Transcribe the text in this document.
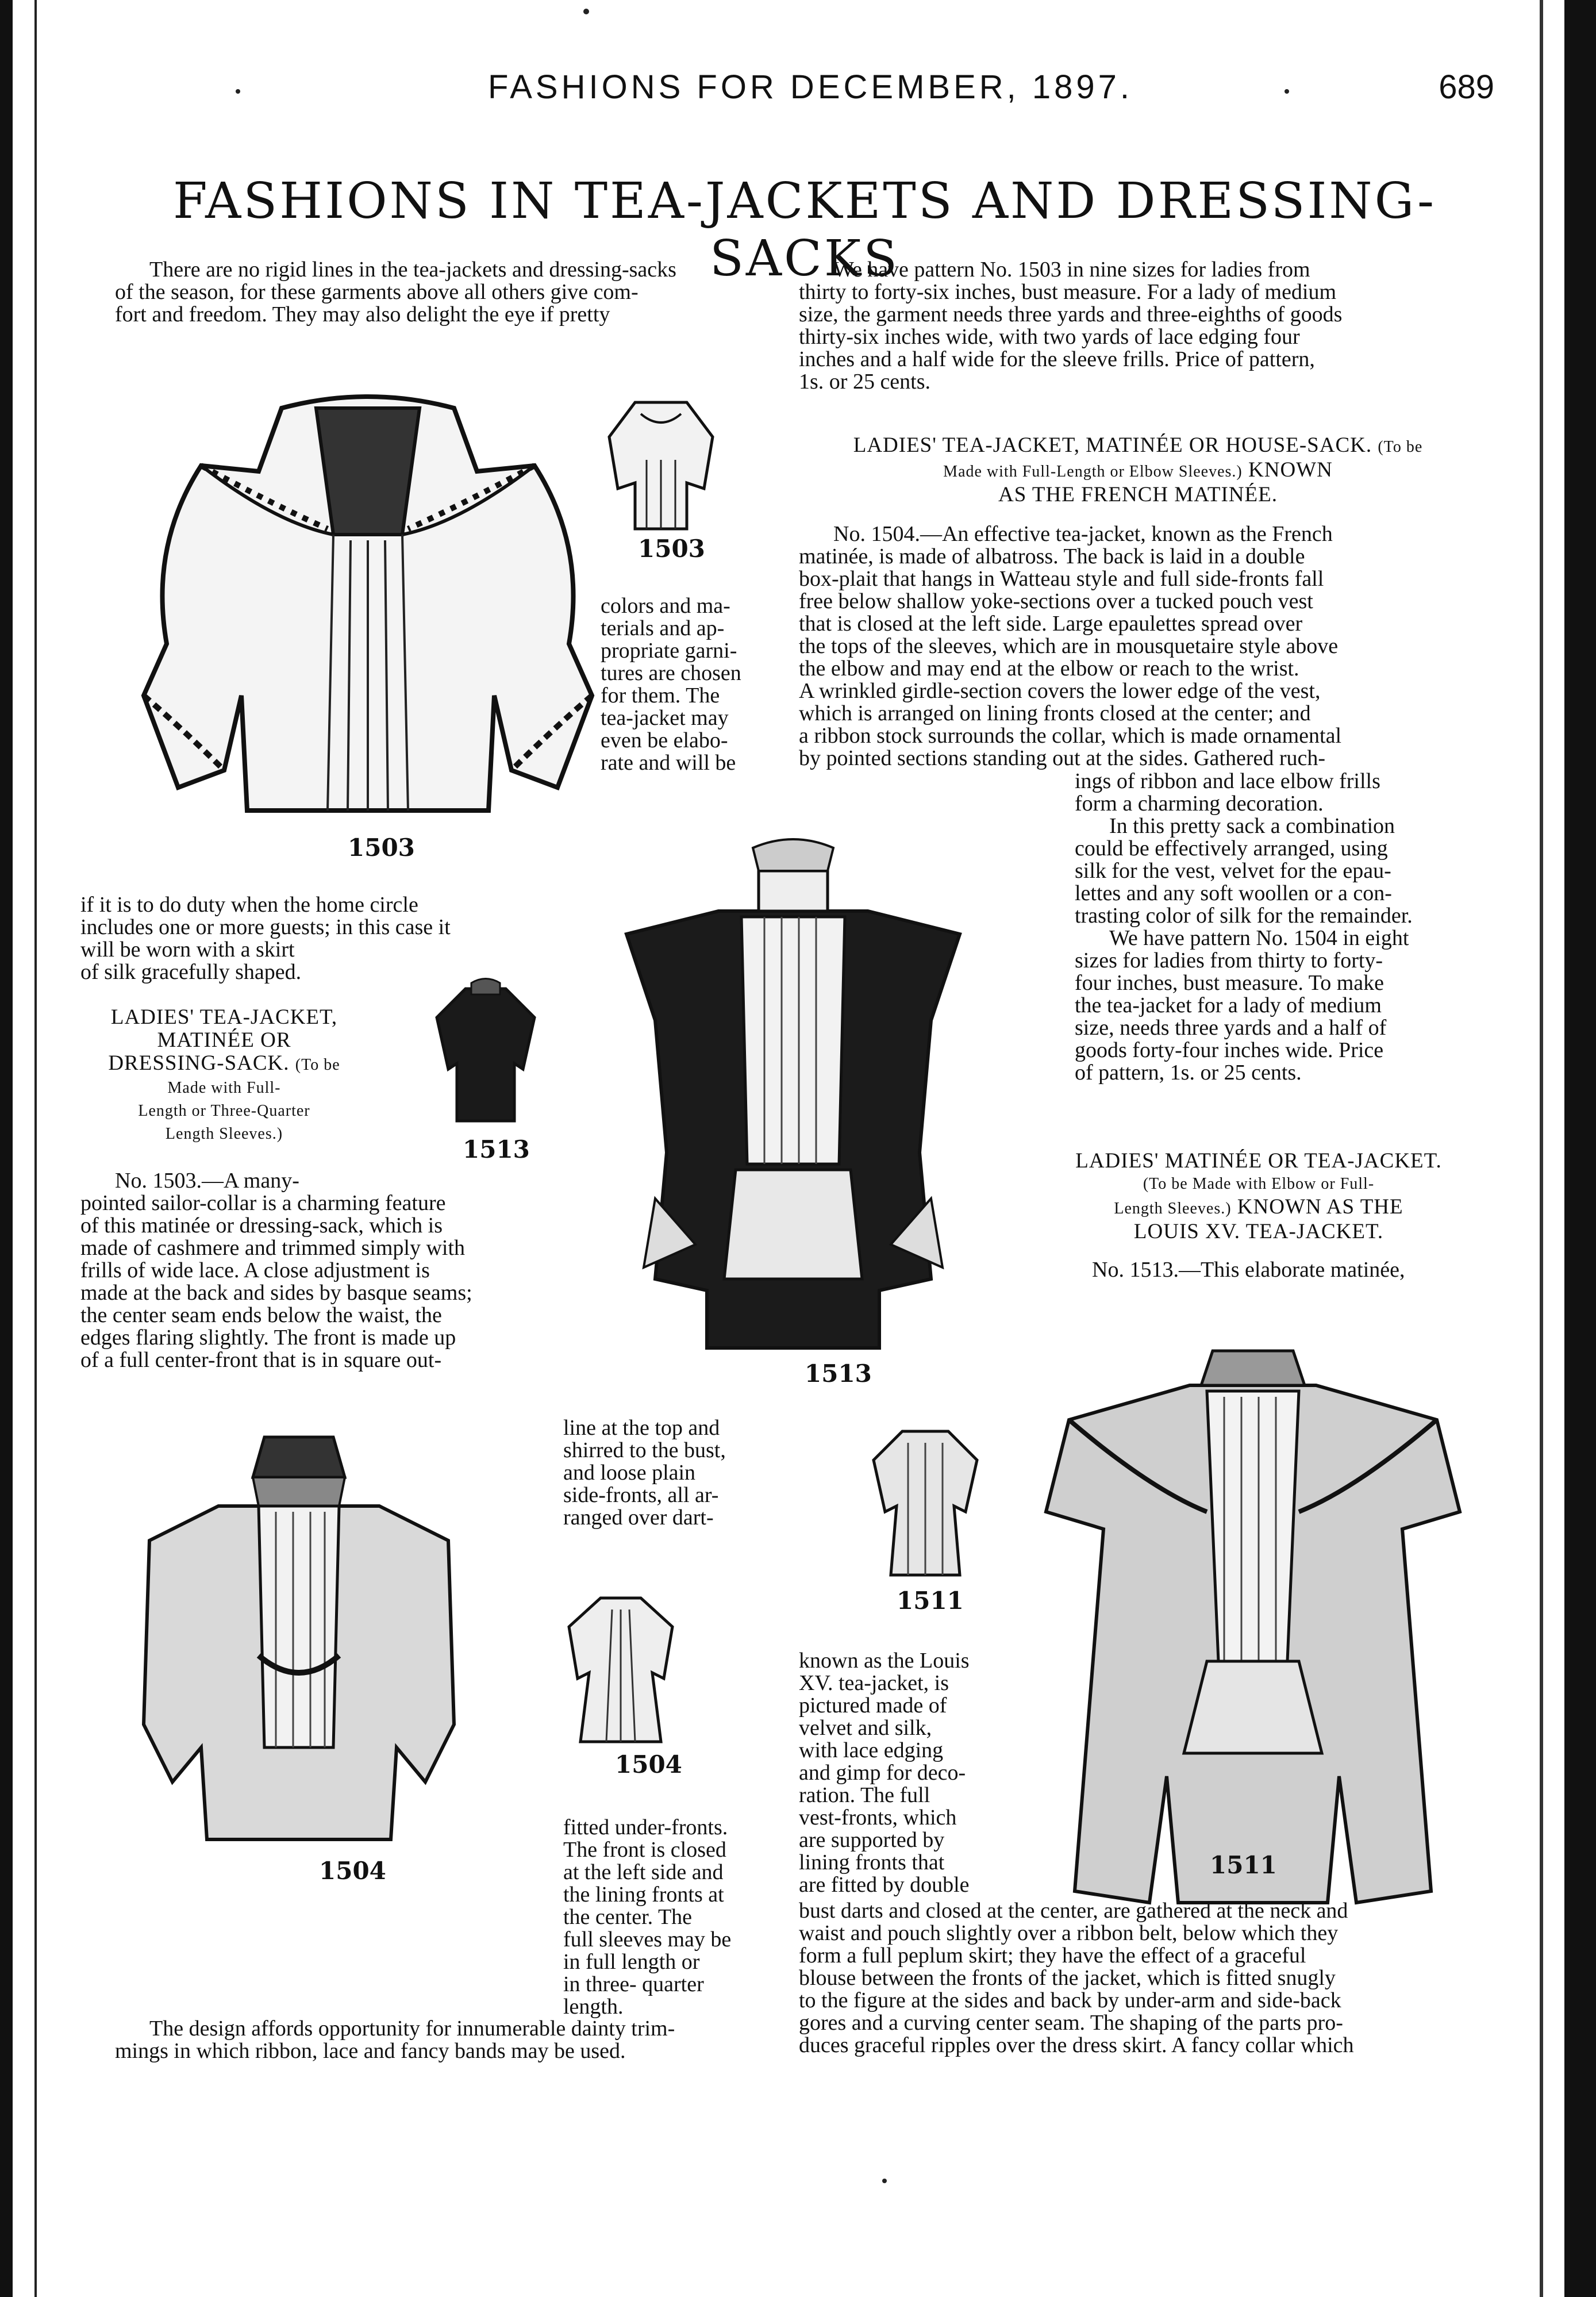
FASHIONS FOR DECEMBER, 1897.	689
FASHIONS IN TEA-JACKETS AND DRESSING-SACKS

There are no rigid lines in the tea-jackets and dressing-sacks

of the season, for these garments above all others give com-

fort and freedom. They may also delight the eye if pretty

1503
1503

colors and ma-

terials and ap-

propriate garni-

tures are chosen

for them. The

tea-jacket may

even be elabo-

rate and will be

if it is to do duty when the home circle

includes one or more guests; in this case it

will be worn with a skirt

of silk gracefully shaped.

LADIES' TEA-JACKET,
MATINÉE OR
DRESSING-SACK. (To be
Made with Full-
Length or Three-Quarter
Length Sleeves.)
1513

No. 1503.—A many-

pointed sailor-collar is a charming feature

of this matinée or dressing-sack, which is

made of cashmere and trimmed simply with

frills of wide lace. A close adjustment is

made at the back and sides by basque seams;

the center seam ends below the waist, the

edges flaring slightly. The front is made up

of a full center-front that is in square out-	1513

We have pattern No. 1503 in nine sizes for ladies from

thirty to forty-six inches, bust measure. For a lady of medium

size, the garment needs three yards and three-eighths of goods

thirty-six inches wide, with two yards of lace edging four

inches and a half wide for the sleeve frills. Price of pattern,

1s. or 25 cents.

LADIES' TEA-JACKET, MATINÉE OR HOUSE-SACK. (To be
Made with Full-Length or Elbow Sleeves.) KNOWN
AS THE FRENCH MATINÉE.

No. 1504.—An effective tea-jacket, known as the French

matinée, is made of albatross. The back is laid in a double

box-plait that hangs in Watteau style and full side-fronts fall

free below shallow yoke-sections over a tucked pouch vest

that is closed at the left side. Large epaulettes spread over

the tops of the sleeves, which are in mousquetaire style above

the elbow and may end at the elbow or reach to the wrist.

A wrinkled girdle-section covers the lower edge of the vest,

which is arranged on lining fronts closed at the center; and

a ribbon stock surrounds the collar, which is made ornamental

by pointed sections standing out at the sides. Gathered ruch-

ings of ribbon and lace elbow frills

form a charming decoration.

In this pretty sack a combination

could be effectively arranged, using

silk for the vest, velvet for the epau-

lettes and any soft woollen or a con-

trasting color of silk for the remainder.

We have pattern No. 1504 in eight

sizes for ladies from thirty to forty-

four inches, bust measure. To make

the tea-jacket for a lady of medium

size, needs three yards and a half of

goods forty-four inches wide. Price

of pattern, 1s. or 25 cents.

LADIES' MATINÉE OR TEA-JACKET.
(To be Made with Elbow or Full-
Length Sleeves.) KNOWN AS THE
LOUIS XV. TEA-JACKET.

No. 1513.—This elaborate matinée,

line at the top and

shirred to the bust,

and loose plain

side-fronts, all ar-

ranged over dart-

1504
1504

fitted under-fronts.

The front is closed

at the left side and

the lining fronts at

the center. The

full sleeves may be

in full length or

in three- quarter

length.

The design affords opportunity for innumerable dainty trim-

mings in which ribbon, lace and fancy bands may be used.

1511
1511

known as the Louis

XV. tea-jacket, is

pictured made of

velvet and silk,

with lace edging

and gimp for deco-

ration. The full

vest-fronts, which

are supported by

lining fronts that

are fitted by double

bust darts and closed at the center, are gathered at the neck and

waist and pouch slightly over a ribbon belt, below which they

form a full peplum skirt; they have the effect of a graceful

blouse between the fronts of the jacket, which is fitted snugly

to the figure at the sides and back by under-arm and side-back

gores and a curving center seam. The shaping of the parts pro-

duces graceful ripples over the dress skirt. A fancy collar which
